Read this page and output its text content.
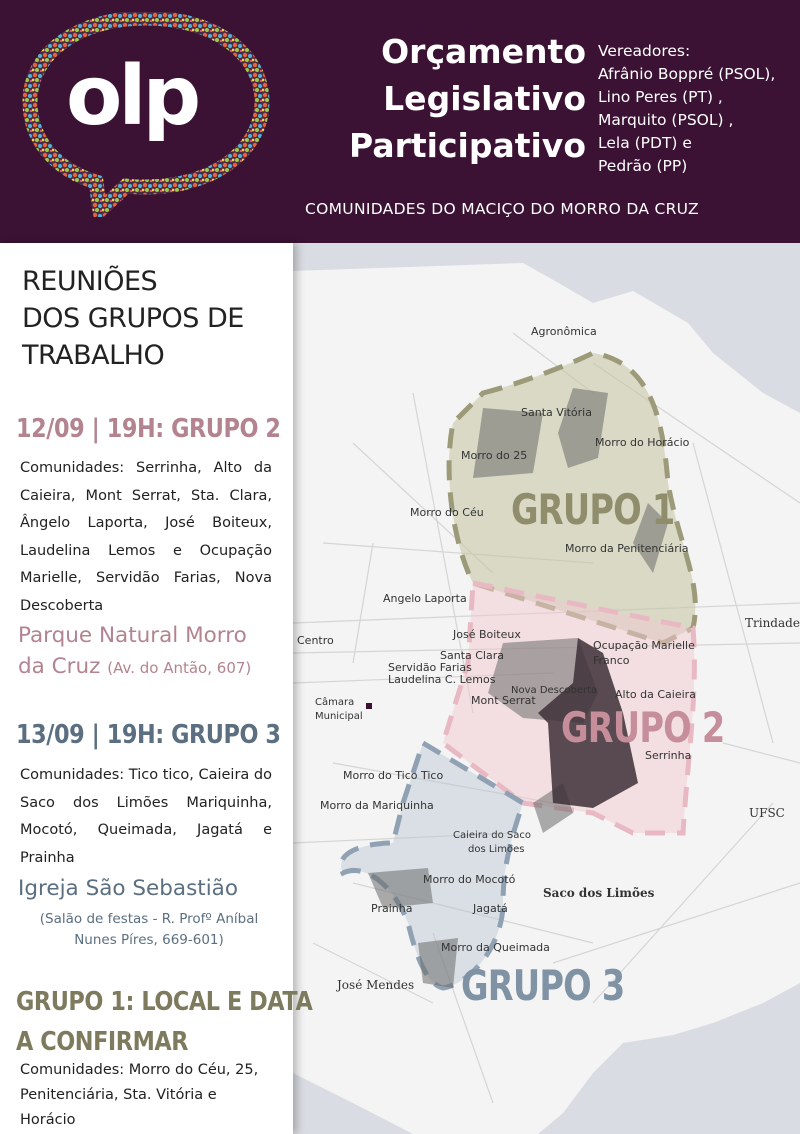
olp	Orçamento
Legislativo
Participativo
Vereadores:
Afrânio Boppré (PSOL),
Lino Peres (PT) ,
Marquito (PSOL) ,
Lela (PDT) e
Pedrão (PP)
COMUNIDADES DO MACIÇO DO MORRO DA CRUZ
REUNIÕES
DOS GRUPOS DE
TRABALHO
12/09 | 19H: GRUPO 2
Comunidades: Serrinha, Alto da Caieira, Mont Serrat, Sta. Clara, Ângelo Laporta, José Boiteux, Laudelina Lemos e Ocupação Marielle, Servidão Farias, Nova Descoberta
Parque Natural Morro da Cruz (Av. do Antão, 607)
13/09 | 19H: GRUPO 3
Comunidades: Tico tico, Caieira do Saco dos Limões Mariquinha, Mocotó, Queimada, Jagatá e Prainha
Igreja São Sebastião
(Salão de festas - R. Profº Aníbal Nunes Píres, 669-601)
GRUPO 1: LOCAL E DATA
A CONFIRMAR
Comunidades: Morro do Céu, 25, Penitenciária, Sta. Vitória e Horácio
Agronômica
Santa Vitória
Morro do Horácio
Morro do 25
Morro do Céu
Morro da Penitenciária
Angelo Laporta
Centro
Trindade
José Boiteux
Ocupação Marielle
Franco
Santa Clara
Servidão Farias
Laudelina C. Lemos
Nova Descoberta Alto da Caieira
Mont Serrat
Câmara
Municipal
Serrinha
Morro do Tico Tico
Morro da Mariquinha
UFSC
Caieira do Saco
dos Limões
Morro do Mocotó
Saco dos Limões
Prainha	Jagatá
Morro da Queimada
José Mendes
GRUPO 1
GRUPO 2
GRUPO 3
